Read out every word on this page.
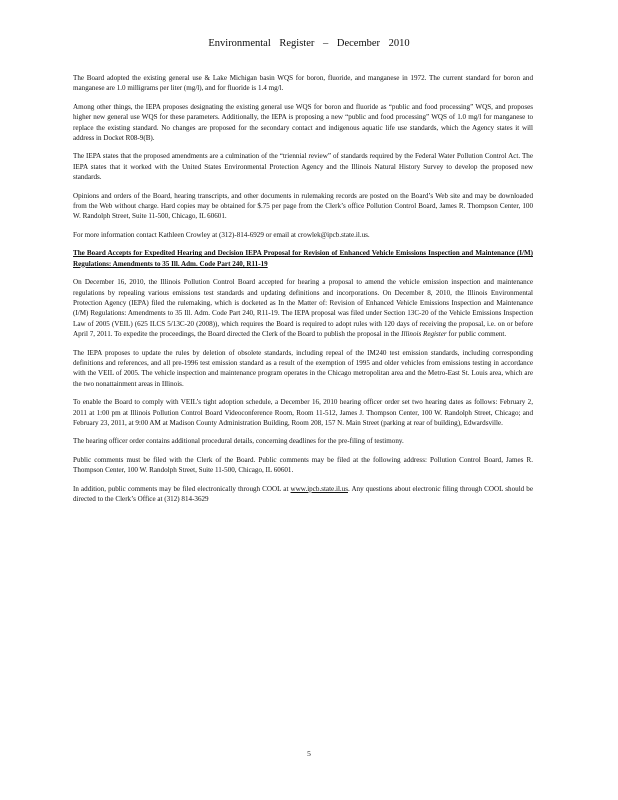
Environmental Register – December 2010

The Board adopted the existing general use & Lake Michigan basin WQS for boron, fluoride, and manganese in 1972. The current standard for boron and manganese are 1.0 milligrams per liter (mg/l), and for fluoride is 1.4 mg/l.

Among other things, the IEPA proposes designating the existing general use WQS for boron and fluoride as “public and food processing” WQS, and proposes higher new general use WQS for these parameters. Additionally, the IEPA is proposing a new “public and food processing” WQS of 1.0 mg/l for manganese to replace the existing standard. No changes are proposed for the secondary contact and indigenous aquatic life use standards, which the Agency states it will address in Docket R08-9(B).

The IEPA states that the proposed amendments are a culmination of the “triennial review” of standards required by the Federal Water Pollution Control Act. The IEPA states that it worked with the United States Environmental Protection Agency and the Illinois Natural History Survey to develop the proposed new standards.

Opinions and orders of the Board, hearing transcripts, and other documents in rulemaking records are posted on the Board’s Web site and may be downloaded from the Web without charge. Hard copies may be obtained for $.75 per page from the Clerk’s office Pollution Control Board, James R. Thompson Center, 100 W. Randolph Street, Suite 11-500, Chicago, IL 60601.

For more information contact Kathleen Crowley at (312)-814-6929 or email at crowlek@ipcb.state.il.us.

The Board Accepts for Expedited Hearing and Decision IEPA Proposal for Revision of Enhanced Vehicle Emissions Inspection and Maintenance (I/M) Regulations: Amendments to 35 Ill. Adm. Code Part 240, R11-19

On December 16, 2010, the Illinois Pollution Control Board accepted for hearing a proposal to amend the vehicle emission inspection and maintenance regulations by repealing various emissions test standards and updating definitions and incorporations. On December 8, 2010, the Illinois Environmental Protection Agency (IEPA) filed the rulemaking, which is docketed as In the Matter of: Revision of Enhanced Vehicle Emissions Inspection and Maintenance (I/M) Regulations: Amendments to 35 Ill. Adm. Code Part 240, R11-19. The IEPA proposal was filed under Section 13C-20 of the Vehicle Emissions Inspection Law of 2005 (VEIL) (625 ILCS 5/13C-20 (2008)), which requires the Board is required to adopt rules with 120 days of receiving the proposal, i.e. on or before April 7, 2011. To expedite the proceedings, the Board directed the Clerk of the Board to publish the proposal in the Illinois Register for public comment.

The IEPA proposes to update the rules by deletion of obsolete standards, including repeal of the IM240 test emission standards, including corresponding definitions and references, and all pre-1996 test emission standard as a result of the exemption of 1995 and older vehicles from emissions testing in accordance with the VEIL of 2005. The vehicle inspection and maintenance program operates in the Chicago metropolitan area and the Metro-East St. Louis area, which are the two nonattainment areas in Illinois.

To enable the Board to comply with VEIL’s tight adoption schedule, a December 16, 2010 hearing officer order set two hearing dates as follows: February 2, 2011 at 1:00 pm at Illinois Pollution Control Board Videoconference Room, Room 11-512, James J. Thompson Center, 100 W. Randolph Street, Chicago; and February 23, 2011, at 9:00 AM at Madison County Administration Building, Room 208, 157 N. Main Street (parking at rear of building), Edwardsville.

The hearing officer order contains additional procedural details, concerning deadlines for the pre-filing of testimony.

Public comments must be filed with the Clerk of the Board. Public comments may be filed at the following address: Pollution Control Board, James R. Thompson Center, 100 W. Randolph Street, Suite 11-500, Chicago, IL 60601.

In addition, public comments may be filed electronically through COOL at www.ipcb.state.il.us. Any questions about electronic filing through COOL should be directed to the Clerk’s Office at (312) 814-3629

5
